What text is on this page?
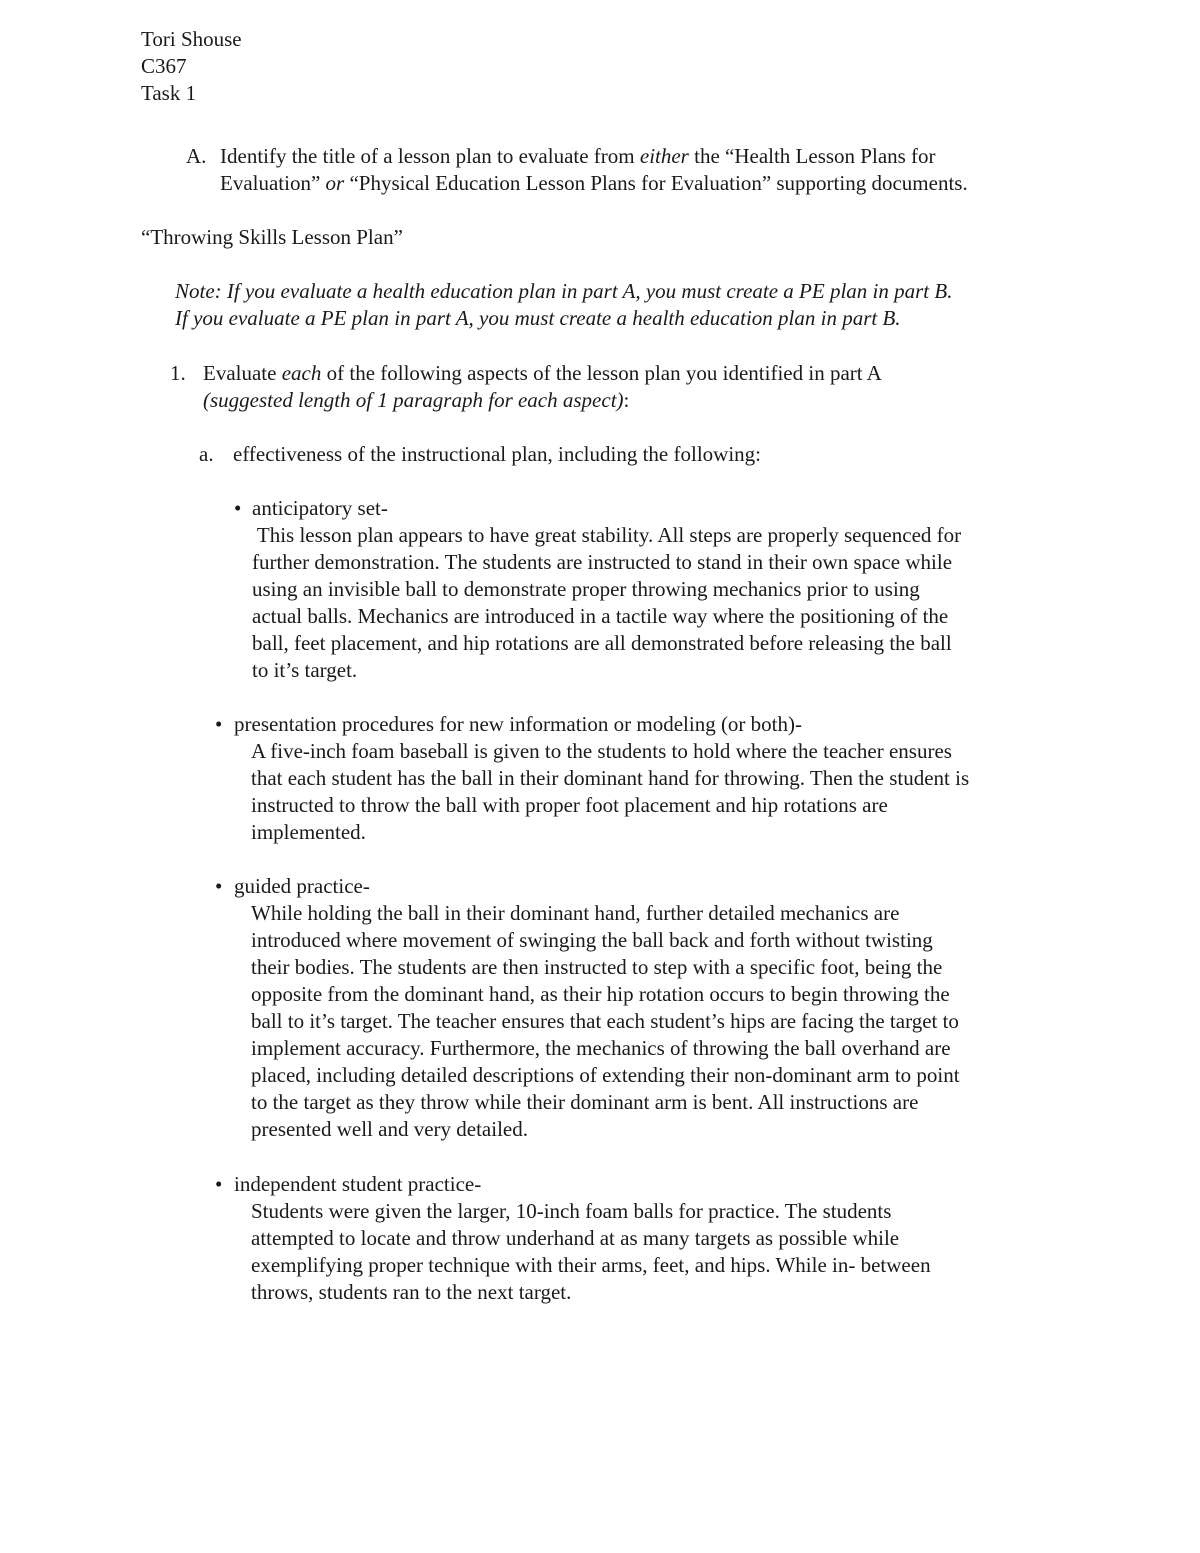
Tori Shouse

C367

Task 1

A. Identify the title of a lesson plan to evaluate from either the “Health Lesson Plans for

Evaluation” or “Physical Education Lesson Plans for Evaluation” supporting documents.

“Throwing Skills Lesson Plan”

Note: If you evaluate a health education plan in part A, you must create a PE plan in part B.

If you evaluate a PE plan in part A, you must create a health education plan in part B.

1. Evaluate each of the following aspects of the lesson plan you identified in part A

(suggested length of 1 paragraph for each aspect):

a. effectiveness of the instructional plan, including the following:
• anticipatory set-

This lesson plan appears to have great stability. All steps are properly sequenced for

further demonstration. The students are instructed to stand in their own space while

using an invisible ball to demonstrate proper throwing mechanics prior to using

actual balls. Mechanics are introduced in a tactile way where the positioning of the

ball, feet placement, and hip rotations are all demonstrated before releasing the ball

to it’s target.

• presentation procedures for new information or modeling (or both)-

A five-inch foam baseball is given to the students to hold where the teacher ensures

that each student has the ball in their dominant hand for throwing. Then the student is

instructed to throw the ball with proper foot placement and hip rotations are

implemented.

• guided practice-

While holding the ball in their dominant hand, further detailed mechanics are

introduced where movement of swinging the ball back and forth without twisting

their bodies. The students are then instructed to step with a specific foot, being the

opposite from the dominant hand, as their hip rotation occurs to begin throwing the

ball to it’s target. The teacher ensures that each student’s hips are facing the target to

implement accuracy. Furthermore, the mechanics of throwing the ball overhand are

placed, including detailed descriptions of extending their non-dominant arm to point

to the target as they throw while their dominant arm is bent. All instructions are

presented well and very detailed.

• independent student practice-

Students were given the larger, 10-inch foam balls for practice. The students

attempted to locate and throw underhand at as many targets as possible while

exemplifying proper technique with their arms, feet, and hips. While in- between

throws, students ran to the next target.
